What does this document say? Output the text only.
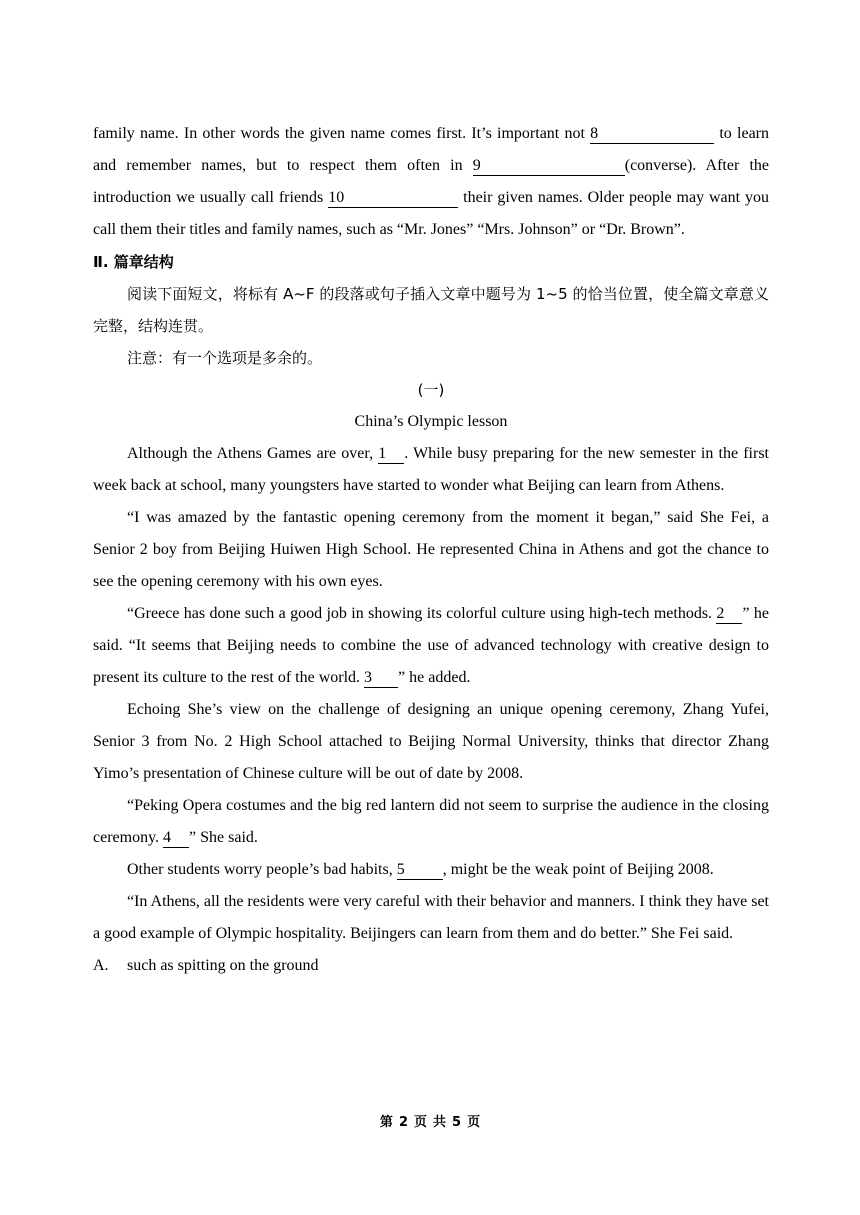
family name. In other words the given name comes first. It’s important not 8	to learn and remember names, but to respect them often in 9	(converse). After the introduction we usually call friends 10	their given names. Older people may want you call them their titles and family names, such as “Mr. Jones” “Mrs. Johnson” or “Dr. Brown”.

Ⅱ. 篇章结构

阅读下面短文，将标有 A~F 的段落或句子插入文章中题号为 1~5 的恰当位置，使全篇文章意义完整，结构连贯。

注意：有一个选项是多余的。

(一)

China’s Olympic lesson

Although the Athens Games are over, 1 . While busy preparing for the new semester in the first week back at school, many youngsters have started to wonder what Beijing can learn from Athens.

“I was amazed by the fantastic opening ceremony from the moment it began,” said She Fei, a Senior 2 boy from Beijing Huiwen High School. He represented China in Athens and got the chance to see the opening ceremony with his own eyes.

“Greece has done such a good job in showing its colorful culture using high-tech methods. 2 ” he said. “It seems that Beijing needs to combine the use of advanced technology with creative design to present its culture to the rest of the world. 3 ” he added.

Echoing She’s view on the challenge of designing an unique opening ceremony, Zhang Yufei, Senior 3 from No. 2 High School attached to Beijing Normal University, thinks that director Zhang Yimo’s presentation of Chinese culture will be out of date by 2008.

“Peking Opera costumes and the big red lantern did not seem to surprise the audience in the closing ceremony. 4 ” She said.

Other students worry people’s bad habits, 5 , might be the weak point of Beijing 2008.

“In Athens, all the residents were very careful with their behavior and manners. I think they have set a good example of Olympic hospitality. Beijingers can learn from them and do better.” She Fei said.

A.	such as spitting on the ground
第 2 页 共 5 页
